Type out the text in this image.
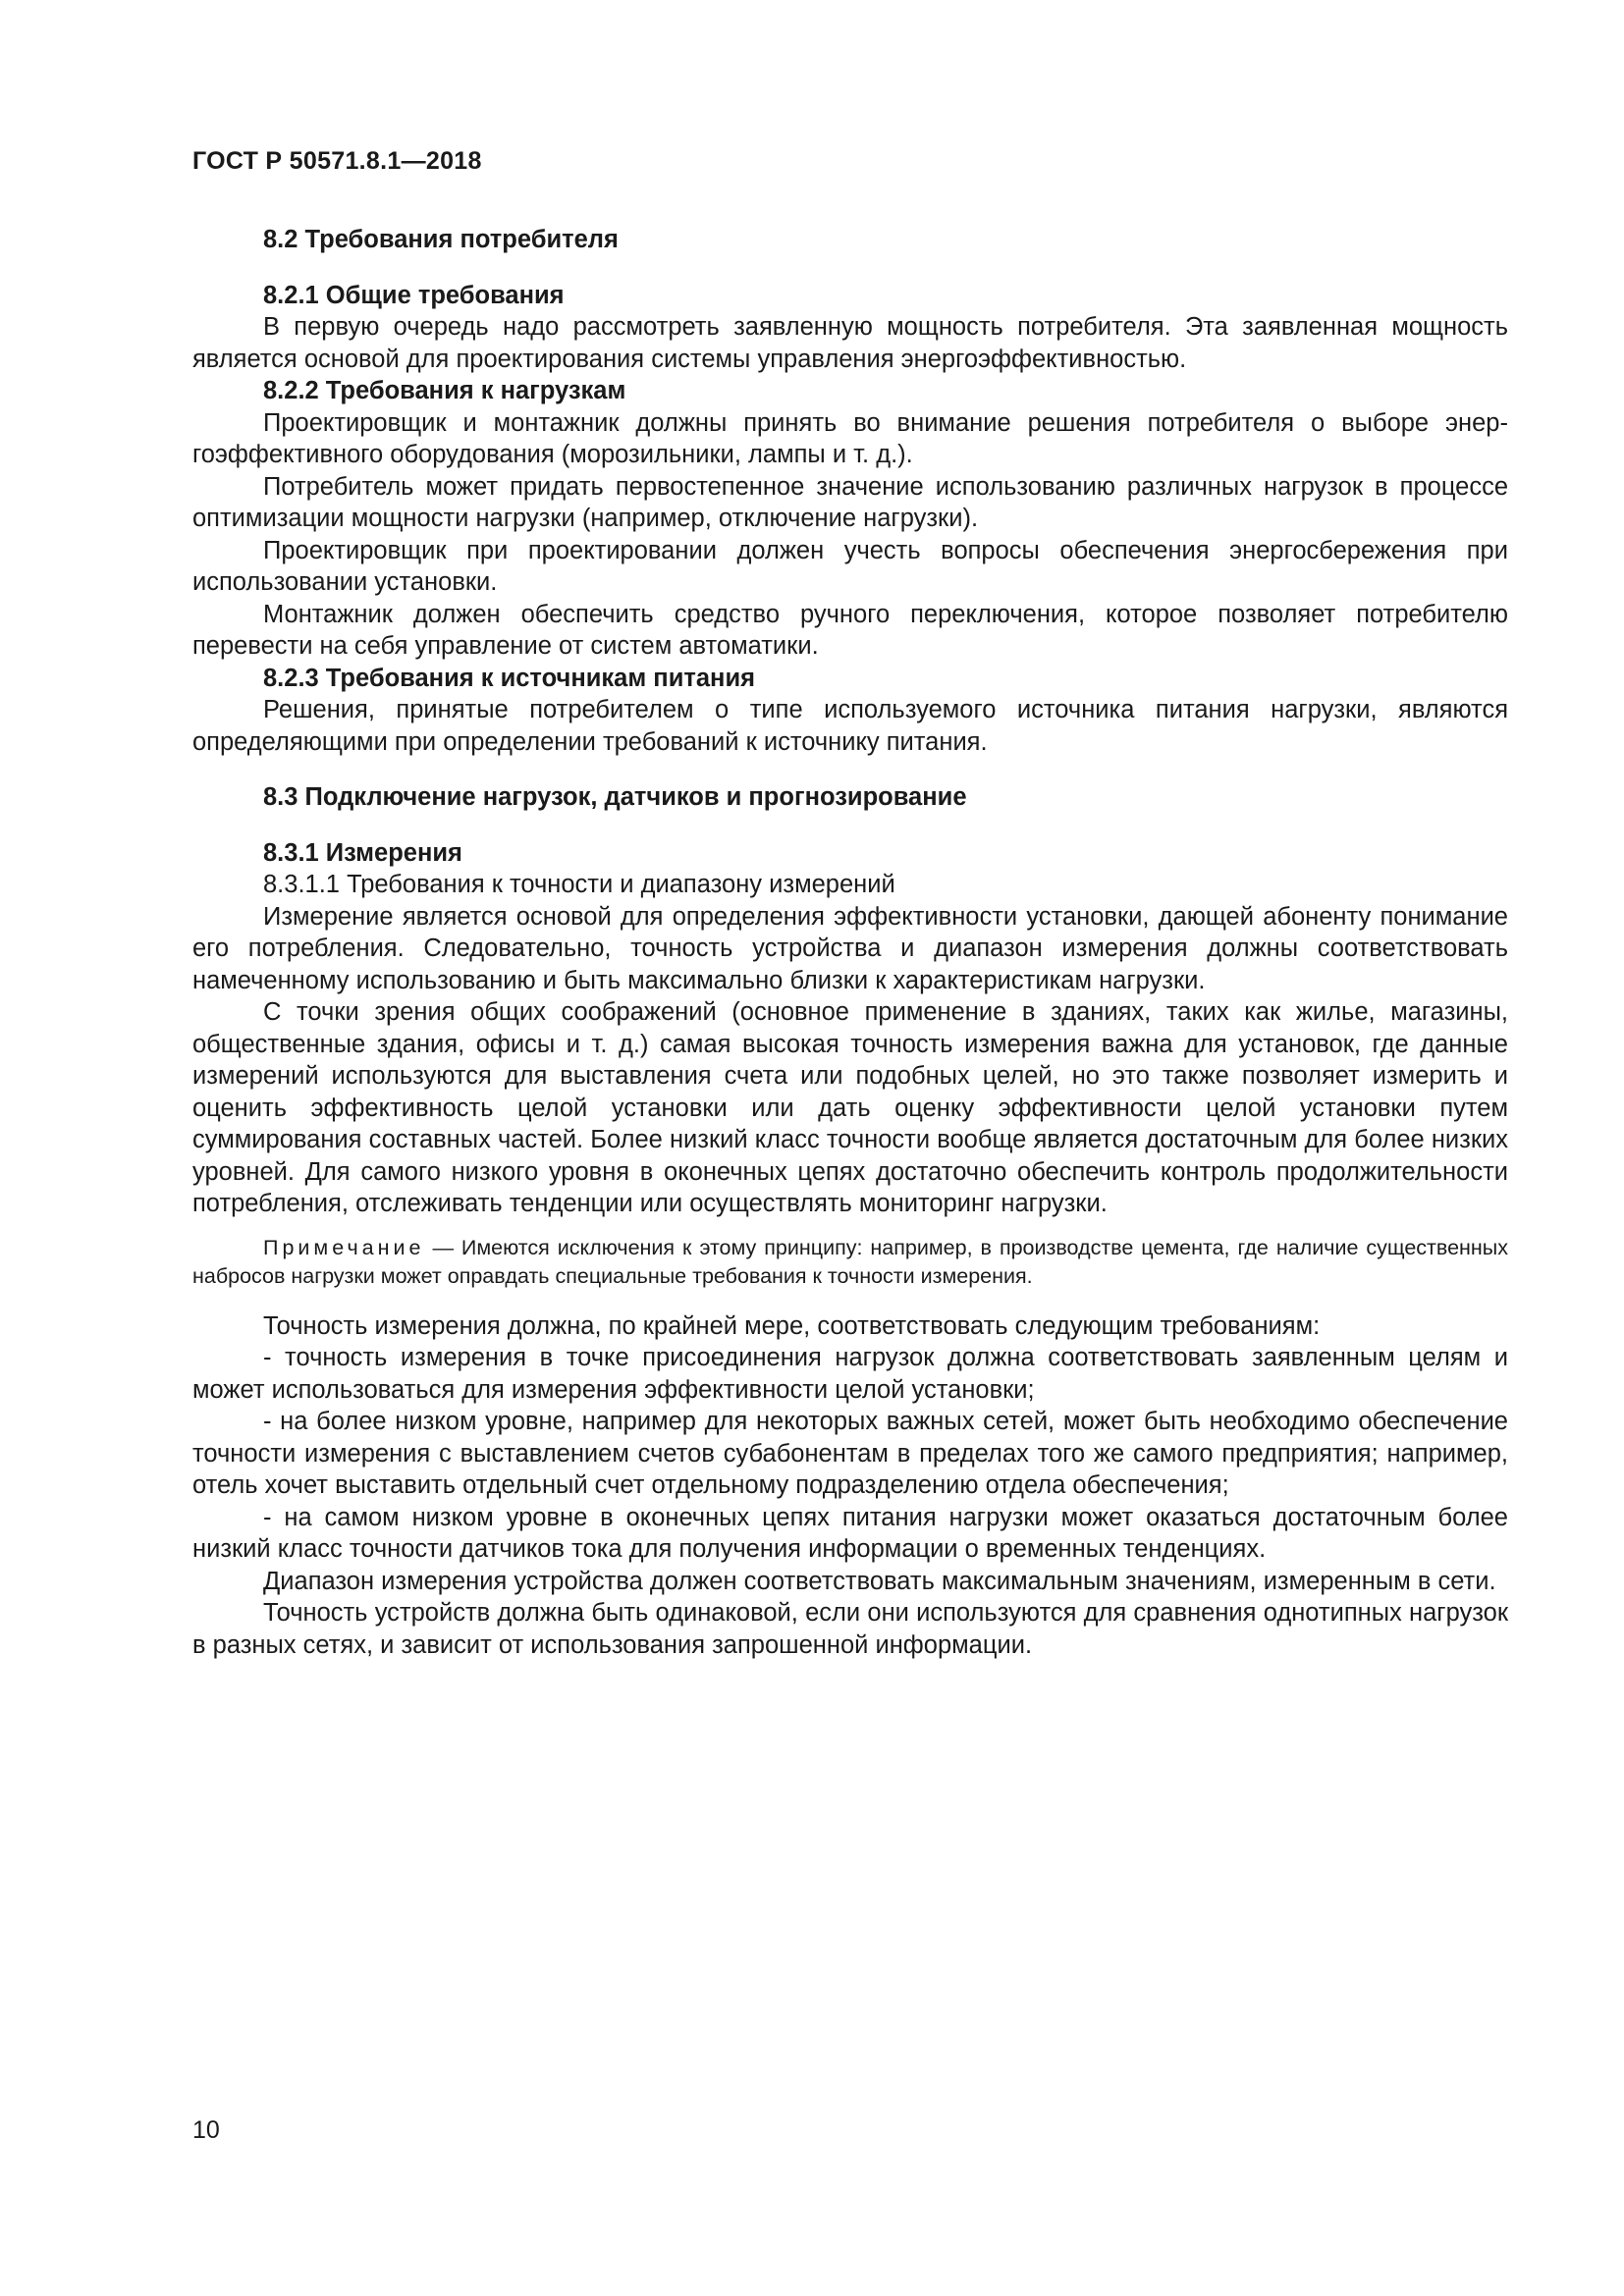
ГОСТ Р 50571.8.1—2018
8.2 Требования потребителя
8.2.1 Общие требования

В первую очередь надо рассмотреть заявленную мощность потребителя. Эта заявленная мощность является основой для проектирования системы управления энергоэффективностью.

8.2.2 Требования к нагрузкам

Проектировщик и монтажник должны принять во внимание решения потребителя о выборе энергоэффективного оборудования (морозильники, лампы и т. д.).

Потребитель может придать первостепенное значение использованию различных нагрузок в процессе оптимизации мощности нагрузки (например, отключение нагрузки).

Проектировщик при проектировании должен учесть вопросы обеспечения энергосбережения при использовании установки.

Монтажник должен обеспечить средство ручного переключения, которое позволяет потребителю перевести на себя управление от систем автоматики.

8.2.3 Требования к источникам питания

Решения, принятые потребителем о типе используемого источника питания нагрузки, являются определяющими при определении требований к источнику питания.

8.3 Подключение нагрузок, датчиков и прогнозирование
8.3.1 Измерения

8.3.1.1 Требования к точности и диапазону измерений

Измерение является основой для определения эффективности установки, дающей абоненту понимание его потребления. Следовательно, точность устройства и диапазон измерения должны соответствовать намеченному использованию и быть максимально близки к характеристикам нагрузки.

С точки зрения общих соображений (основное применение в зданиях, таких как жилье, магазины, общественные здания, офисы и т. д.) самая высокая точность измерения важна для установок, где данные измерений используются для выставления счета или подобных целей, но это также позволяет измерить и оценить эффективность целой установки или дать оценку эффективности целой установки путем суммирования составных частей. Более низкий класс точности вообще является достаточным для более низких уровней. Для самого низкого уровня в оконечных цепях достаточно обеспечить контроль продолжительности потребления, отслеживать тенденции или осуществлять мониторинг нагрузки.

Примечание — Имеются исключения к этому принципу: например, в производстве цемента, где наличие существенных набросов нагрузки может оправдать специальные требования к точности измерения.

Точность измерения должна, по крайней мере, соответствовать следующим требованиям:

- точность измерения в точке присоединения нагрузок должна соответствовать заявленным целям и может использоваться для измерения эффективности целой установки;

- на более низком уровне, например для некоторых важных сетей, может быть необходимо обеспечение точности измерения с выставлением счетов субабонентам в пределах того же самого предприятия; например, отель хочет выставить отдельный счет отдельному подразделению отдела обеспечения;

- на самом низком уровне в оконечных цепях питания нагрузки может оказаться достаточным более низкий класс точности датчиков тока для получения информации о временных тенденциях.

Диапазон измерения устройства должен соответствовать максимальным значениям, измеренным в сети.

Точность устройств должна быть одинаковой, если они используются для сравнения однотипных нагрузок в разных сетях, и зависит от использования запрошенной информации.

10
